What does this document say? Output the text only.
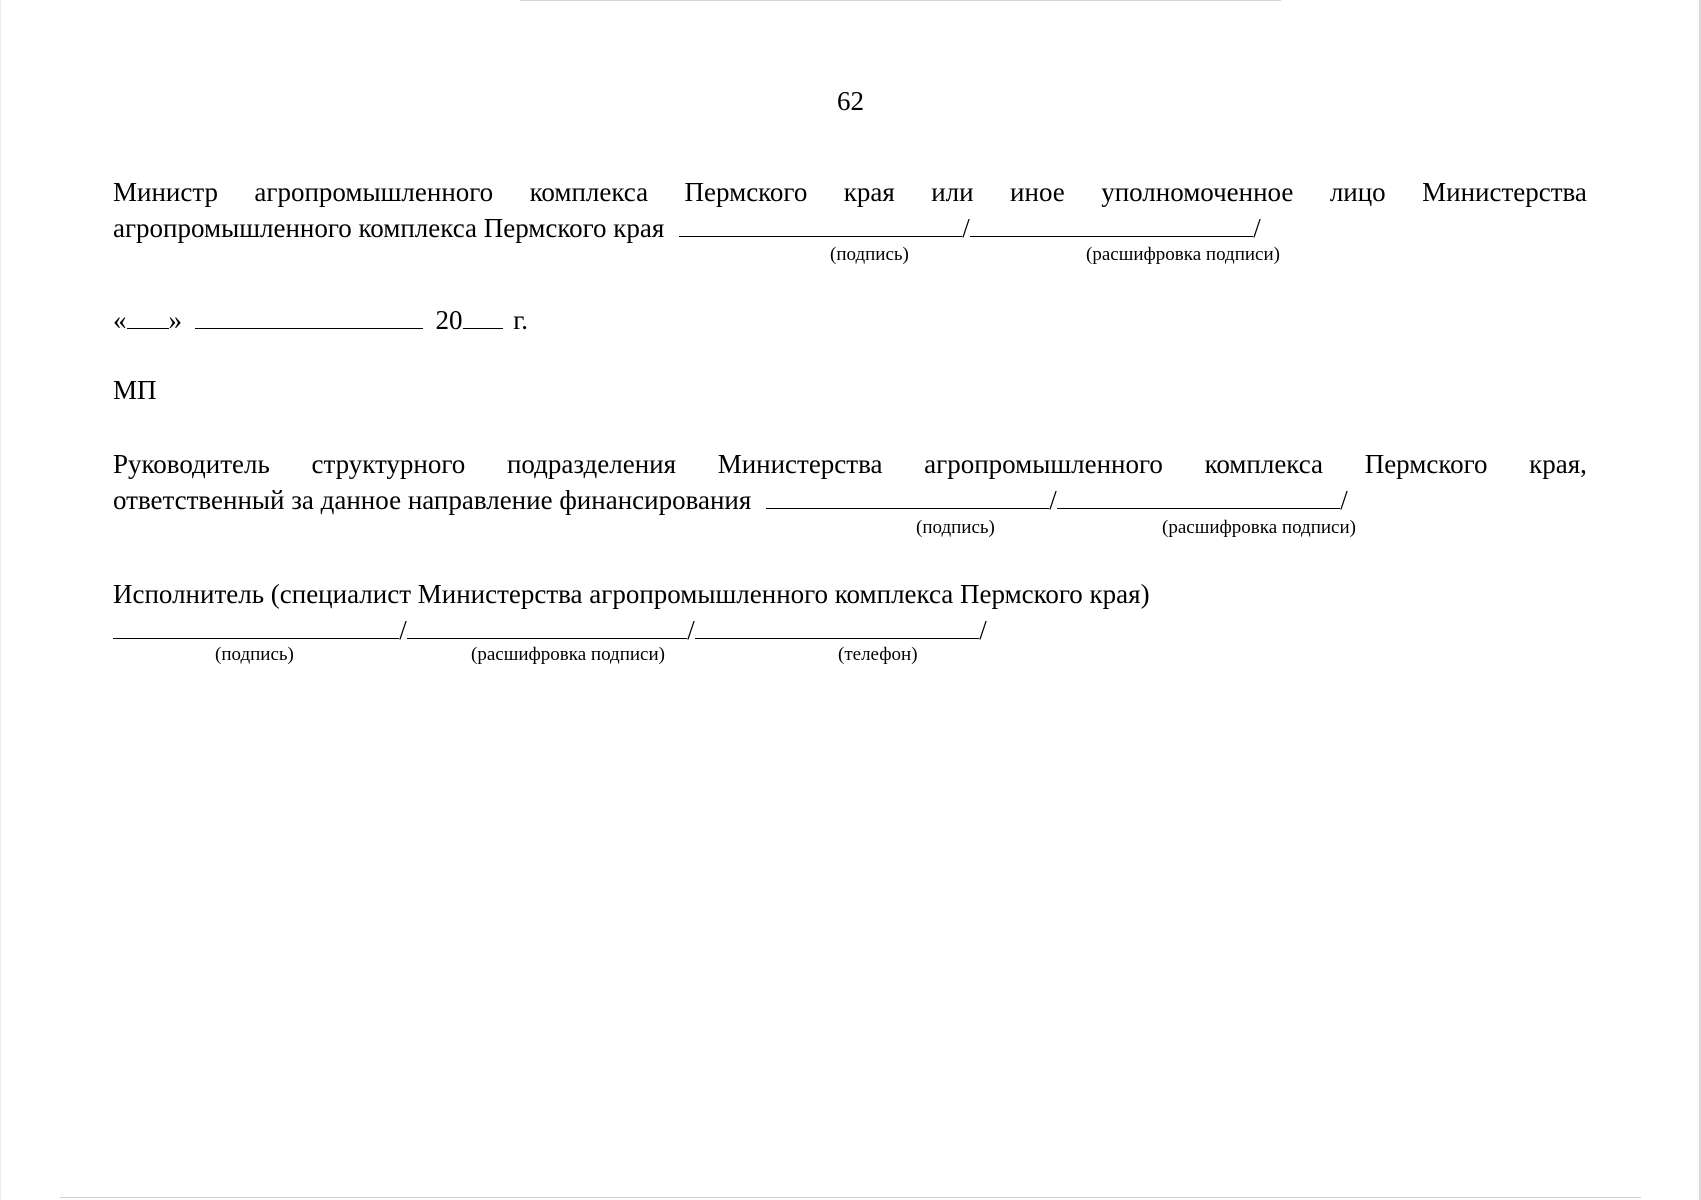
62
Министр агропромышленного комплекса Пермского края или иное уполномоченное лицо Министерства
агропромышленного комплекса Пермского края	/	/
(подпись)	(расшифровка подписи)
« »	20 г.
МП
Руководитель структурного подразделения Министерства агропромышленного комплекса Пермского края,
ответственный за данное направление финансирования	/	/
(подпись)	(расшифровка подписи)
Исполнитель (специалист Министерства агропромышленного комплекса Пермского края)
/	/	/
(подпись)	(расшифровка подписи)	(телефон)
